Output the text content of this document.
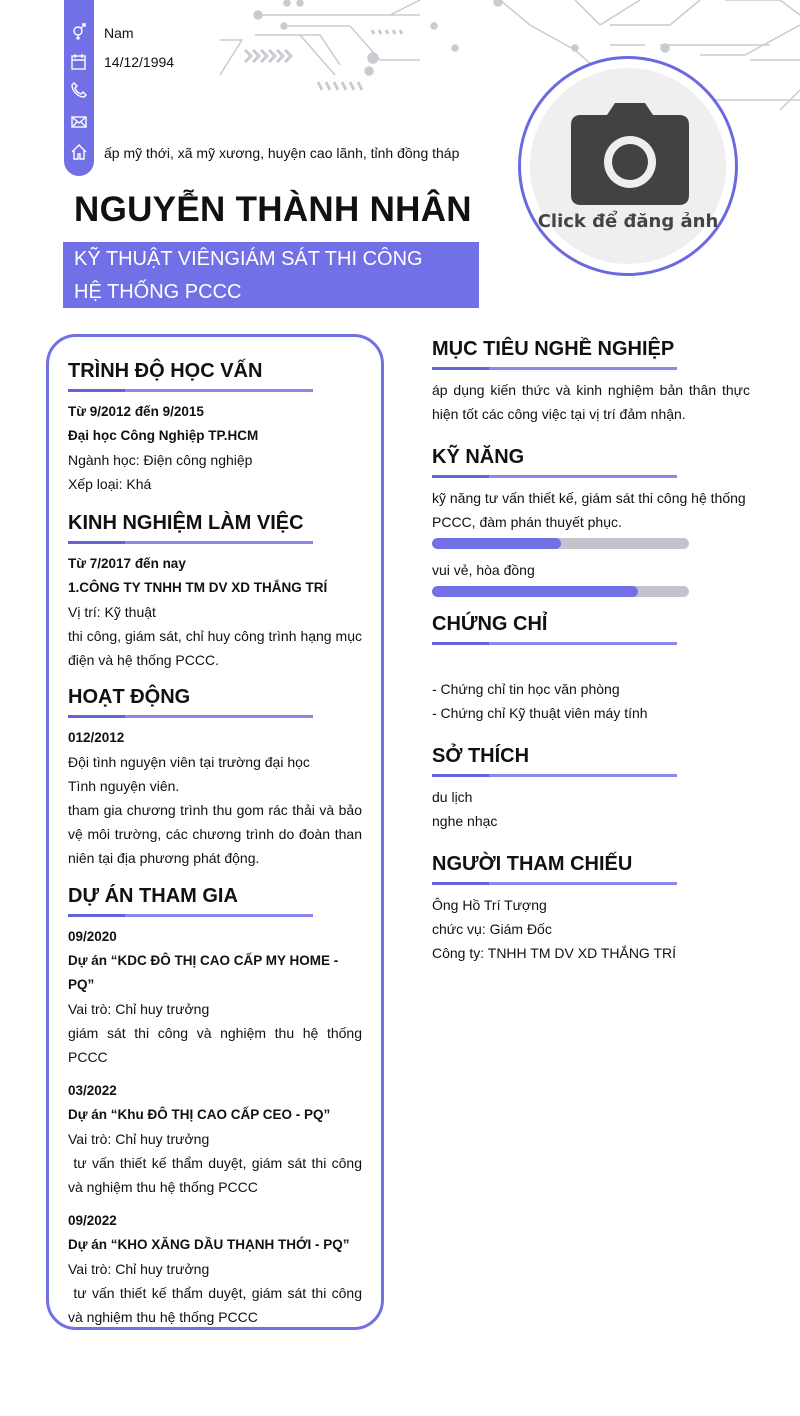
Nam
14/12/1994
ấp mỹ thới, xã mỹ xương, huyện cao lãnh, tỉnh đồng tháp
NGUYỄN THÀNH NHÂN
KỸ THUẬT VIÊNGIÁM SÁT THI CÔNG
HỆ THỐNG PCCC
Click để đăng ảnh
TRÌNH ĐỘ HỌC VẤN
Từ 9/2012 đến 9/2015
Đại học Công Nghiệp TP.HCM
Ngành học: Điện công nghiệp
Xếp loại: Khá
KINH NGHIỆM LÀM VIỆC
Từ 7/2017 đến nay
1.CÔNG TY TNHH TM DV XD THẮNG TRÍ
Vị trí: Kỹ thuật
thi công, giám sát, chỉ huy công trình hạng mục điện và hệ thống PCCC.
HOẠT ĐỘNG
012/2012
Đội tình nguyện viên tại trường đại học
Tình nguyện viên.
tham gia chương trình thu gom rác thải và bảo vệ môi trường, các chương trình do đoàn than niên tại địa phương phát động.
DỰ ÁN THAM GIA
09/2020
Dự án “KDC ĐÔ THỊ CAO CẤP MY HOME - PQ”
Vai trò: Chỉ huy trưởng
giám sát thi công và nghiệm thu hệ thống PCCC
03/2022
Dự án “Khu ĐÔ THỊ CAO CẤP CEO - PQ”
Vai trò: Chỉ huy trưởng
tư vấn thiết kế thẩm duyệt, giám sát thi công và nghiệm thu hệ thống PCCC
09/2022
Dự án “KHO XĂNG DẦU THẠNH THỚI - PQ”
Vai trò: Chỉ huy trưởng
tư vấn thiết kế thẩm duyệt, giám sát thi công và nghiệm thu hệ thống PCCC
MỤC TIÊU NGHỀ NGHIỆP
áp dụng kiến thức và kinh nghiệm bản thân thực hiện tốt các công việc tại vị trí đảm nhận.
KỸ NĂNG
kỹ năng tư vấn thiết kế, giám sát thi công hệ thống PCCC, đàm phán thuyết phục.
vui vẻ, hòa đồng
CHỨNG CHỈ
- Chứng chỉ tin học văn phòng
- Chứng chỉ Kỹ thuật viên máy tính
SỞ THÍCH
du lịch
nghe nhạc
NGƯỜI THAM CHIẾU
Ông Hồ Trí Tượng
chức vụ: Giám Đốc
Công ty: TNHH TM DV XD THẮNG TRÍ
